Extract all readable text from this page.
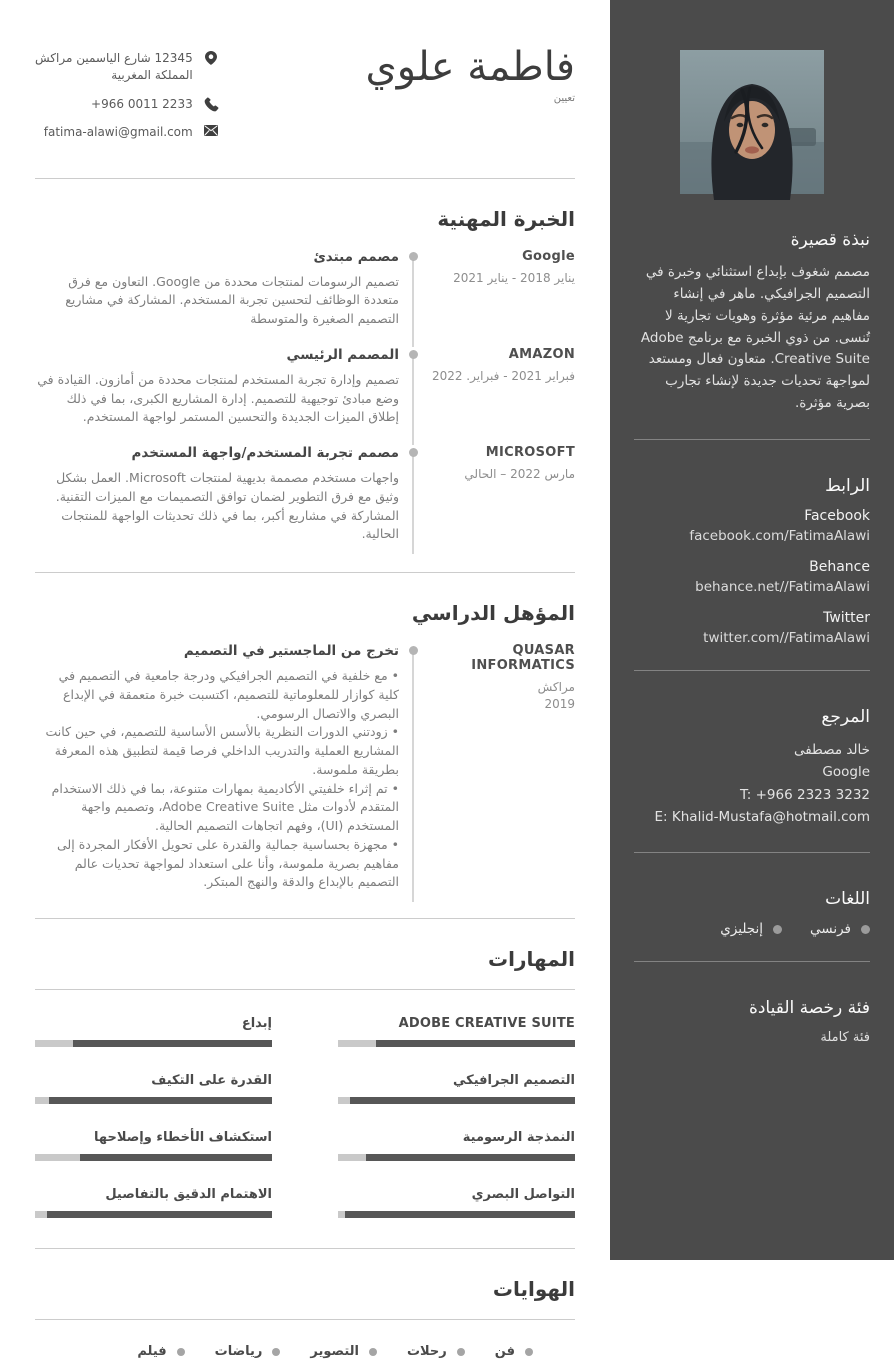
نبذة قصيرة

مصمم شغوف بإبداع استثنائي وخبرة في التصميم الجرافيكي. ماهر في إنشاء مفاهيم مرئية مؤثرة وهويات تجارية لا تُنسى. من ذوي الخبرة مع برنامج Adobe Creative Suite. متعاون فعال ومستعد لمواجهة تحديات جديدة لإنشاء تجارب بصرية مؤثرة.

الرابط
Facebook
facebook.com/FatimaAlawi
Behance
behance.net//FatimaAlawi
Twitter
twitter.com//FatimaAlawi
المرجع
خالد مصطفى
Google
T: +966 2323 3232
E: Khalid-Mustafa@hotmail.com
اللغات
فرنسي
إنجليزي
فئة رخصة القيادة
فئة كاملة
فاطمة علوي
تعيين
12345 شارع الياسمين مراكش
المملكة المغربية
+966 0011 2233
fatima-alawi@gmail.com
الخبرة المهنية
Google
يناير 2018 - يناير 2021
مصمم مبتدئ

تصميم الرسومات لمنتجات محددة من Google. التعاون مع فرق متعددة الوظائف لتحسين تجربة المستخدم. المشاركة في مشاريع التصميم الصغيرة والمتوسطة

AMAZON
فبراير 2021 - فبراير. 2022
المصمم الرئيسي

تصميم وإدارة تجربة المستخدم لمنتجات محددة من أمازون. القيادة في وضع مبادئ توجيهية للتصميم. إدارة المشاريع الكبرى، بما في ذلك إطلاق الميزات الجديدة والتحسين المستمر لواجهة المستخدم.

MICROSOFT
مارس 2022 – الحالي
مصمم تجربة المستخدم/واجهة المستخدم

واجهات مستخدم مصممة بديهية لمنتجات Microsoft. العمل بشكل وثيق مع فرق التطوير لضمان توافق التصميمات مع الميزات التقنية. المشاركة في مشاريع أكبر، بما في ذلك تحديثات الواجهة للمنتجات الحالية.

المؤهل الدراسي
QUASAR INFORMATICS
مراكش
2019
تخرج من الماجستير في التصميم

• مع خلفية في التصميم الجرافيكي ودرجة جامعية في التصميم في كلية كوازار للمعلوماتية للتصميم، اكتسبت خبرة متعمقة في الإبداع البصري والاتصال الرسومي.

• زودتني الدورات النظرية بالأسس الأساسية للتصميم، في حين كانت المشاريع العملية والتدريب الداخلي فرصا قيمة لتطبيق هذه المعرفة بطريقة ملموسة.

• تم إثراء خلفيتي الأكاديمية بمهارات متنوعة، بما في ذلك الاستخدام المتقدم لأدوات مثل Adobe Creative Suite، وتصميم واجهة المستخدم (UI)، وفهم اتجاهات التصميم الحالية.

• مجهزة بحساسية جمالية والقدرة على تحويل الأفكار المجردة إلى مفاهيم بصرية ملموسة، وأنا على استعداد لمواجهة تحديات عالم التصميم بالإبداع والدقة والنهج المبتكر.

المهارات
ADOBE CREATIVE SUITE
إبداع
التصميم الجرافيكي
القدرة على التكيف
النمذجة الرسومية
استكشاف الأخطاء وإصلاحها
التواصل البصري
الاهتمام الدقيق بالتفاصيل
الهوايات
فن
رحلات
التصوير
رياضات
فيلم
